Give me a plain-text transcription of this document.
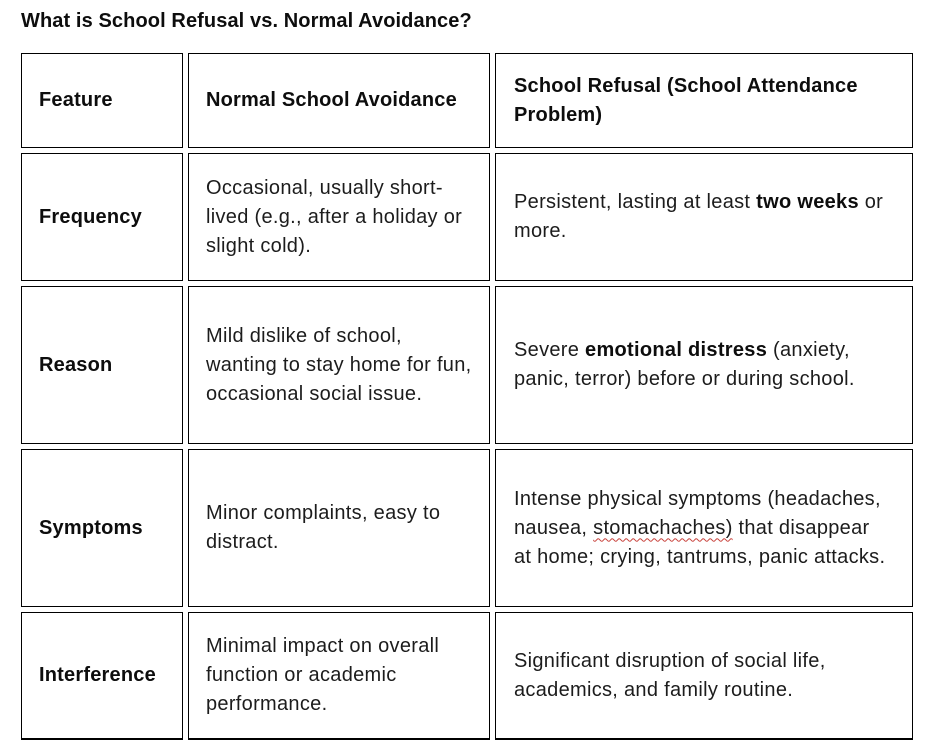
What is School Refusal vs. Normal Avoidance?
Feature	Normal School Avoidance
School Refusal (School Attendance Problem)
Frequency
Occasional, usually short-lived (e.g., after a holiday or slight cold).
Persistent, lasting at least two weeks or more.
Reason
Mild dislike of school, wanting to stay home for fun, occasional social issue.
Severe emotional distress (anxiety, panic, terror) before or during school.
Symptoms
Minor complaints, easy to distract.
Intense physical symptoms (headaches, nausea, stomachaches) that disappear at home; crying, tantrums, panic attacks.
Interference
Minimal impact on overall function or academic performance.
Significant disruption of social life, academics, and family routine.
